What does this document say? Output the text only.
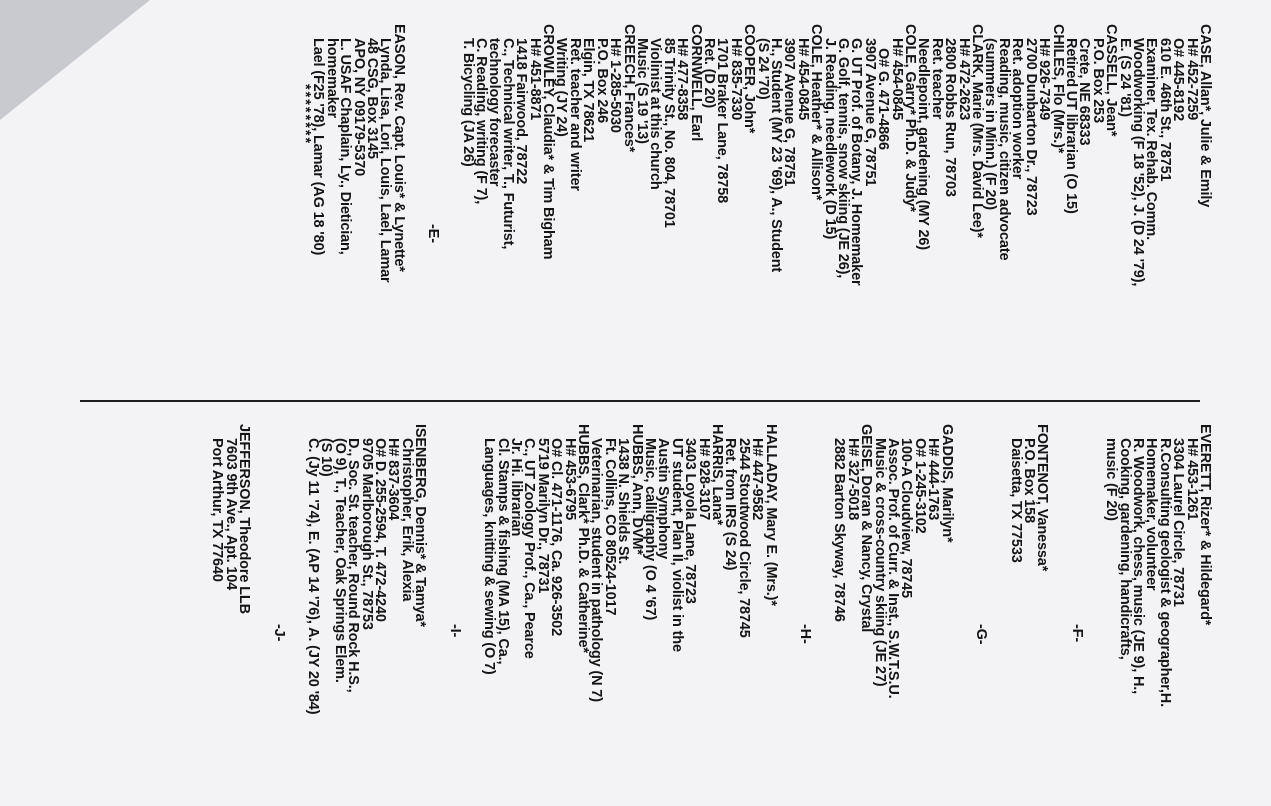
CASE, Allan*, Julie & Emily
H# 452-7259
O# 445-8192
610 E. 46th St., 78751
Examiner, Tex. Rehab. Comm.
Woodworking (F 18 '52), J. (D 24 '79),
E. (S 24 '81)
CASSELL, Jean*
P.O. Box 253
Crete, NE 68333
Retired UT librarian (O 15)
CHILES, Flo (Mrs.)*
H# 926-7349
2700 Dunbarton Dr., 78723
Ret. adoption worker
Reading, music, citizen advocate
(summers in Minn.) (F 20)
CLARK, Marie (Mrs. David Lee)*
H# 472-2623
2800 Robbs Run, 78703
Ret. teacher
Needlepoint, gardening (MY 26)
COLE, Garry* Ph.D. & Judy*
H# 454-0845
O# G. 471-4866
3907 Avenue G, 78751
G. UT Prof. of Botany, J. Homemaker
G. Golf, tennis, snow skiing (JE 26),
J. Reading, needlework (D 15)
COLE, Heather* & Allison*
H# 454-0845
3907 Avenue G, 78751
H., Student (MY 23 '69), A., Student
(S 24 '70)
COOPER, John*
H# 835-7330
1701 Braker Lane, 78758
Ret. (D 20)
CORNWELL, Earl
H# 477-8358
85 Trinity St., No. 804, 78701
Violinist at this church
Music (S 19 '13)
CREECH, Frances*
H# 1-285-5030
P.O. Box 246
Elgin, TX 78621
Ret. teacher and writer
Writing (JY 24)
CROWLEY, Claudia* & Tim Bigham
H# 451-8871
1418 Fairwood, 78722
C., Technical writer, T., Futurist,
technology forecaster
C. Reading, writing (F 7),
T. Bicycling (JA 26)
-E-
EASON, Rev. Capt. Louis* & Lynette*
Lynda, Lisa, Lori, Louis, Lael, Lamar
48 CSG, Box 3145
APO, NY 09179-5370
L. USAF Chaplain, Ly., Dietician,
homemaker
Lael (F25 '78), Lamar (AG 18 '80)
********
EVERETT, Rizer* & Hildegard*
H# 453-1261
3304 Laurel Circle, 78731
R.Consulting geologist & geographer,H.
Homemaker, volunteer
R. Woodwork, chess, music (JE 9), H.,
Cooking, gardening, handicrafts,
music (F 20)
-F-
FONTENOT, Vanessa*
P.O. Box 158
Daisetta, TX 77533
-G-
GADDIS, Marilyn*
H# 444-1763
O# 1-245-3102
100-A Cloudview, 78745
Assoc. Prof. of Curr. & Inst., S.W.T.S.U.
Music & cross-country skiing (JE 27)
GEISE, Doran & Nancy, Crystal
H# 327-5018
2882 Barton Skyway, 78746
-H-
HALLADAY, Mary E. (Mrs.)*
H# 447-9582
2544 Stoutwood Circle, 78745
Ret. from IRS (S 24)
HARRIS, Lana*
H# 928-3107
3403 Loyola Lane, 78723
UT student, Plan II, violist in the
Austin Symphony
Music, calligraphy (O 4 '67)
HUBBS, Ann, DVM*
1438 N. Shields St.
Ft. Collins, CO 80524-1017
Veterinarian, student in pathology (N 7)
HUBBS, Clark* Ph.D. & Catherine*
H# 453-6795
O# Cl. 471-1176, Ca. 926-3502
5719 Marilyn Dr., 78731
C., UT Zoology Prof., Ca., Pearce
Jr. Hi. librarian
Cl. Stamps & fishing (MA 15), Ca.,
Languages, knitting & sewing (O 7)
-I-
ISENBERG, Dennis* & Tamya*
Christopher, Erik, Alexia
H# 837-3604
O# D. 255-2594, T. 472-4240
9705 Marlborough St., 78753
D., Soc. St. teacher, Round Rock H.S.,
(O 9), T., Teacher, Oak Springs Elem.
(S 10)
C. (Jy 11 '74), E. (AP 14 '76), A. (JY 20 '84)
-J-
JEFFERSON, Theodore LLB
7603 9th Ave., Apt. 104
Port Arthur, TX 77640
